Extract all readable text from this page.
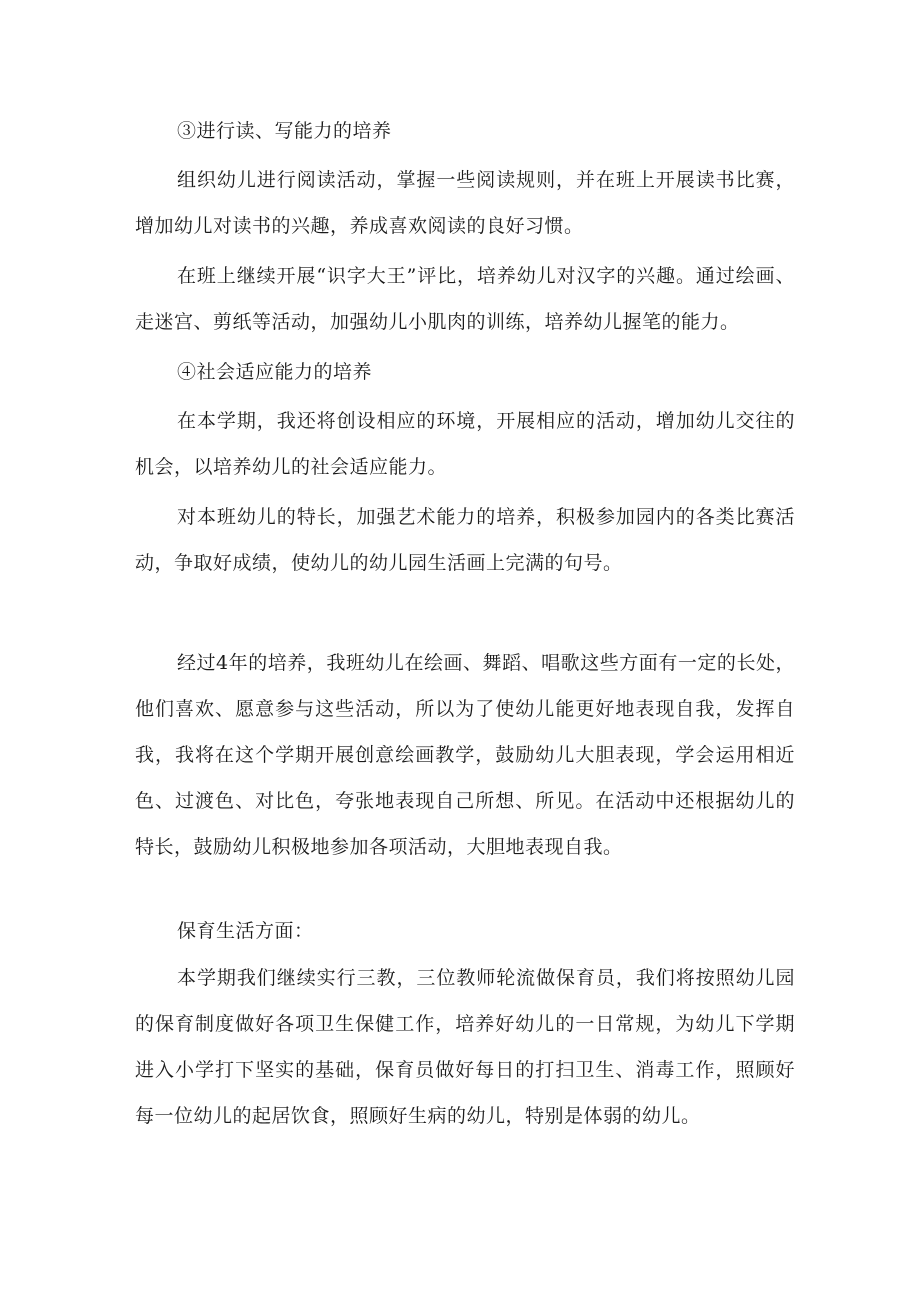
③进行读、写能力的培养

组织幼儿进行阅读活动，掌握一些阅读规则，并在班上开展读书比赛，增加幼儿对读书的兴趣，养成喜欢阅读的良好习惯。

在班上继续开展“识字大王”评比，培养幼儿对汉字的兴趣。通过绘画、走迷宫、剪纸等活动，加强幼儿小肌肉的训练，培养幼儿握笔的能力。

④社会适应能力的培养

在本学期，我还将创设相应的环境，开展相应的活动，增加幼儿交往的机会，以培养幼儿的社会适应能力。

对本班幼儿的特长，加强艺术能力的培养，积极参加园内的各类比赛活动，争取好成绩，使幼儿的幼儿园生活画上完满的句号。

经过4年的培养，我班幼儿在绘画、舞蹈、唱歌这些方面有一定的长处，他们喜欢、愿意参与这些活动，所以为了使幼儿能更好地表现自我，发挥自我，我将在这个学期开展创意绘画教学，鼓励幼儿大胆表现，学会运用相近色、过渡色、对比色，夸张地表现自己所想、所见。在活动中还根据幼儿的特长，鼓励幼儿积极地参加各项活动，大胆地表现自我。

保育生活方面：

本学期我们继续实行三教，三位教师轮流做保育员，我们将按照幼儿园的保育制度做好各项卫生保健工作，培养好幼儿的一日常规，为幼儿下学期进入小学打下坚实的基础，保育员做好每日的打扫卫生、消毒工作，照顾好每一位幼儿的起居饮食，照顾好生病的幼儿，特别是体弱的幼儿。
